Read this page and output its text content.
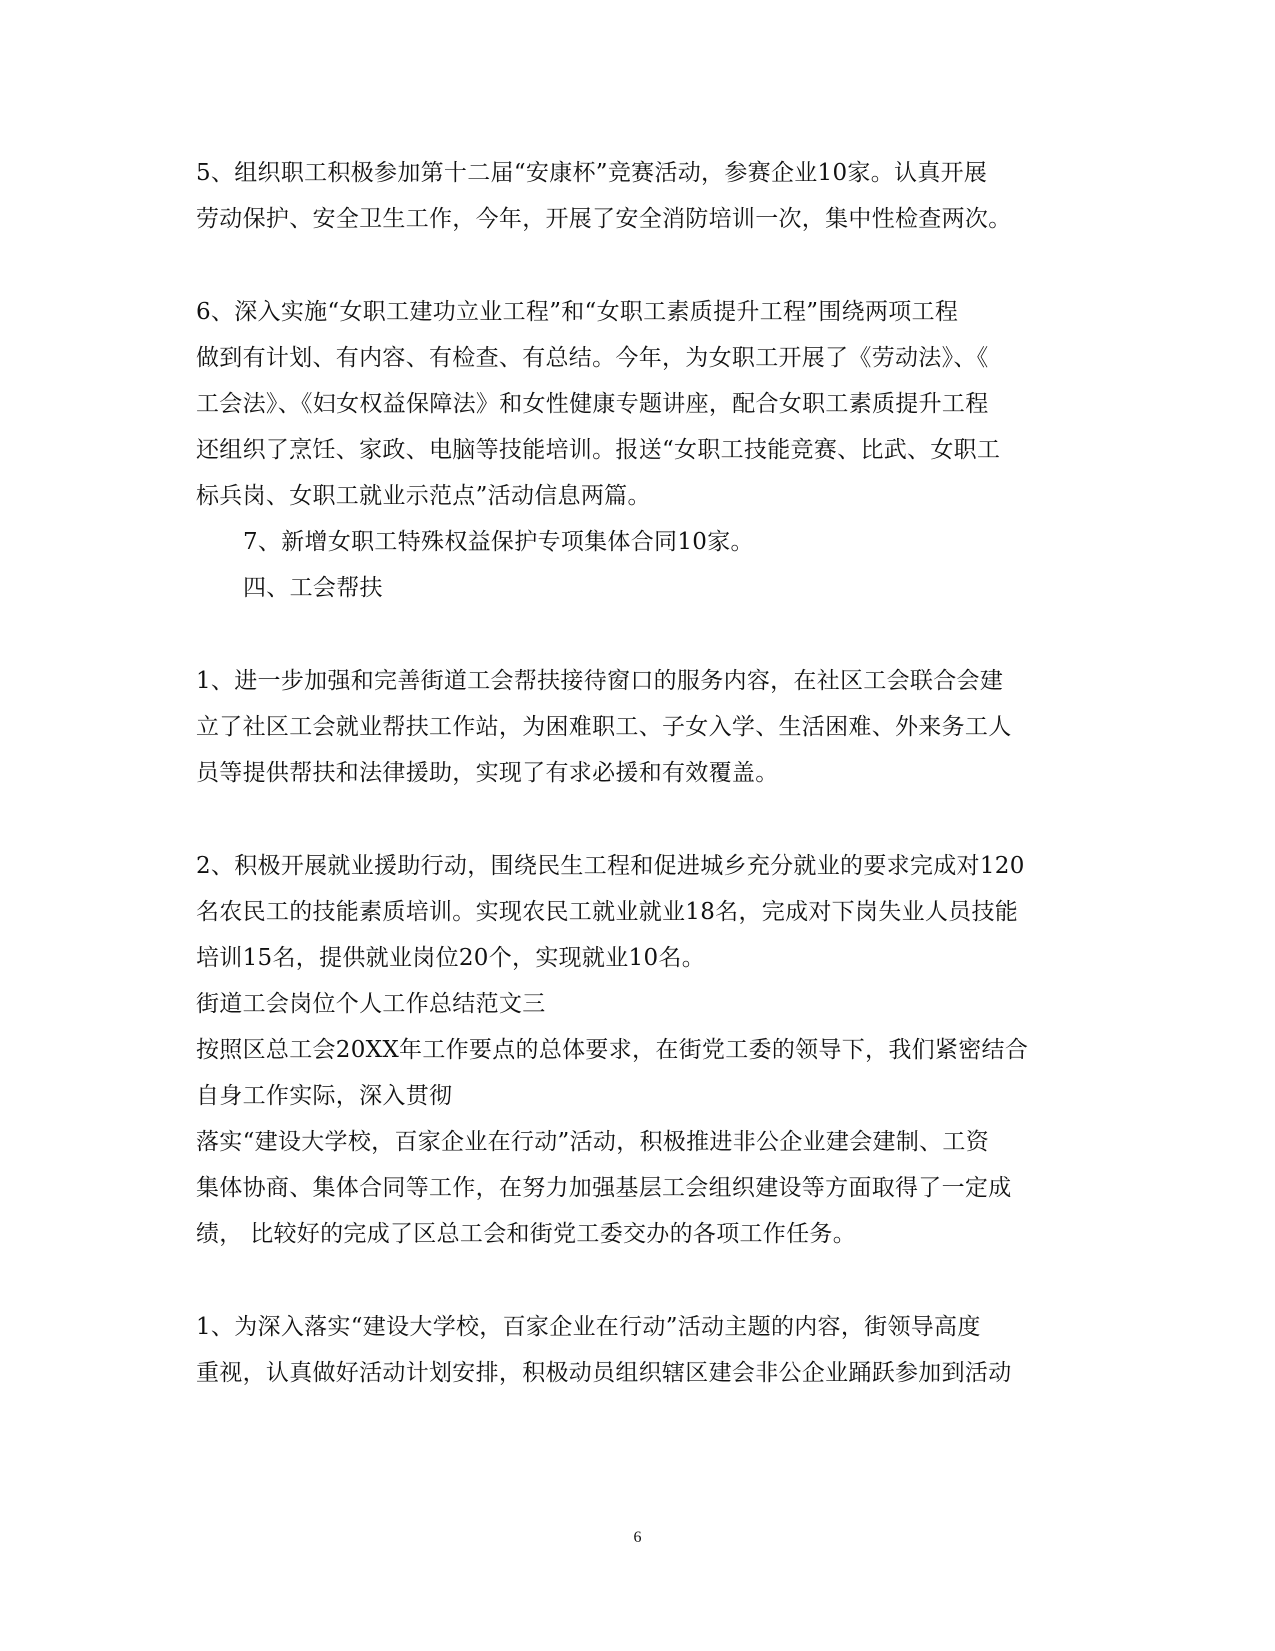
5、组织职工积极参加第十二届“安康杯”竞赛活动，参赛企业10家。认真开展
劳动保护、安全卫生工作，今年，开展了安全消防培训一次，集中性检查两次。
6、深入实施“女职工建功立业工程”和“女职工素质提升工程”围绕两项工程
做到有计划、有内容、有检查、有总结。今年，为女职工开展了《劳动法》、《
工会法》、《妇女权益保障法》和女性健康专题讲座，配合女职工素质提升工程
还组织了烹饪、家政、电脑等技能培训。报送“女职工技能竞赛、比武、女职工
标兵岗、女职工就业示范点”活动信息两篇。
7、新增女职工特殊权益保护专项集体合同10家。
四、工会帮扶
1、进一步加强和完善街道工会帮扶接待窗口的服务内容，在社区工会联合会建
立了社区工会就业帮扶工作站，为困难职工、子女入学、生活困难、外来务工人
员等提供帮扶和法律援助，实现了有求必援和有效覆盖。
2、积极开展就业援助行动，围绕民生工程和促进城乡充分就业的要求完成对120
名农民工的技能素质培训。实现农民工就业就业18名，完成对下岗失业人员技能
培训15名，提供就业岗位20个，实现就业10名。
街道工会岗位个人工作总结范文三
按照区总工会20XX年工作要点的总体要求，在街党工委的领导下，我们紧密结合
自身工作实际，深入贯彻
落实“建设大学校，百家企业在行动”活动，积极推进非公企业建会建制、工资
集体协商、集体合同等工作，在努力加强基层工会组织建设等方面取得了一定成
绩， 比较好的完成了区总工会和街党工委交办的各项工作任务。
1、为深入落实“建设大学校，百家企业在行动”活动主题的内容，街领导高度
重视，认真做好活动计划安排，积极动员组织辖区建会非公企业踊跃参加到活动
6
